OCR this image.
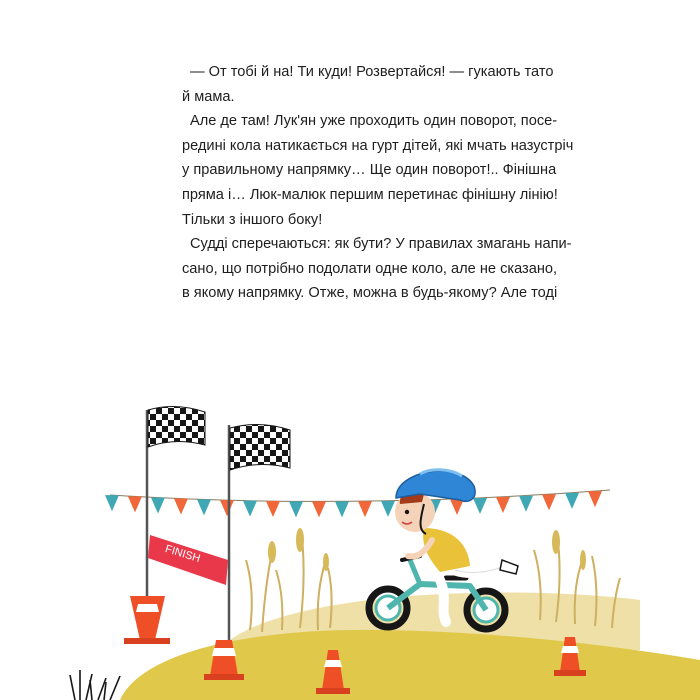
— От тобі й на! Ти куди! Розвертайся! — гукають тато
й мама.
Але де там! Лук'ян уже проходить один поворот, посе-
редині кола натикається на гурт дітей, які мчать назустріч
у правильному напрямку… Ще один поворот!.. Фінішна
пряма і… Люк-малюк першим перетинає фінішну лінію!
Тільки з іншого боку!
Судді сперечаються: як бути? У правилах змагань напи-
сано, що потрібно подолати одне коло, але не сказано,
в якому напрямку. Отже, можна в будь-якому? Але тоді
FINISH
